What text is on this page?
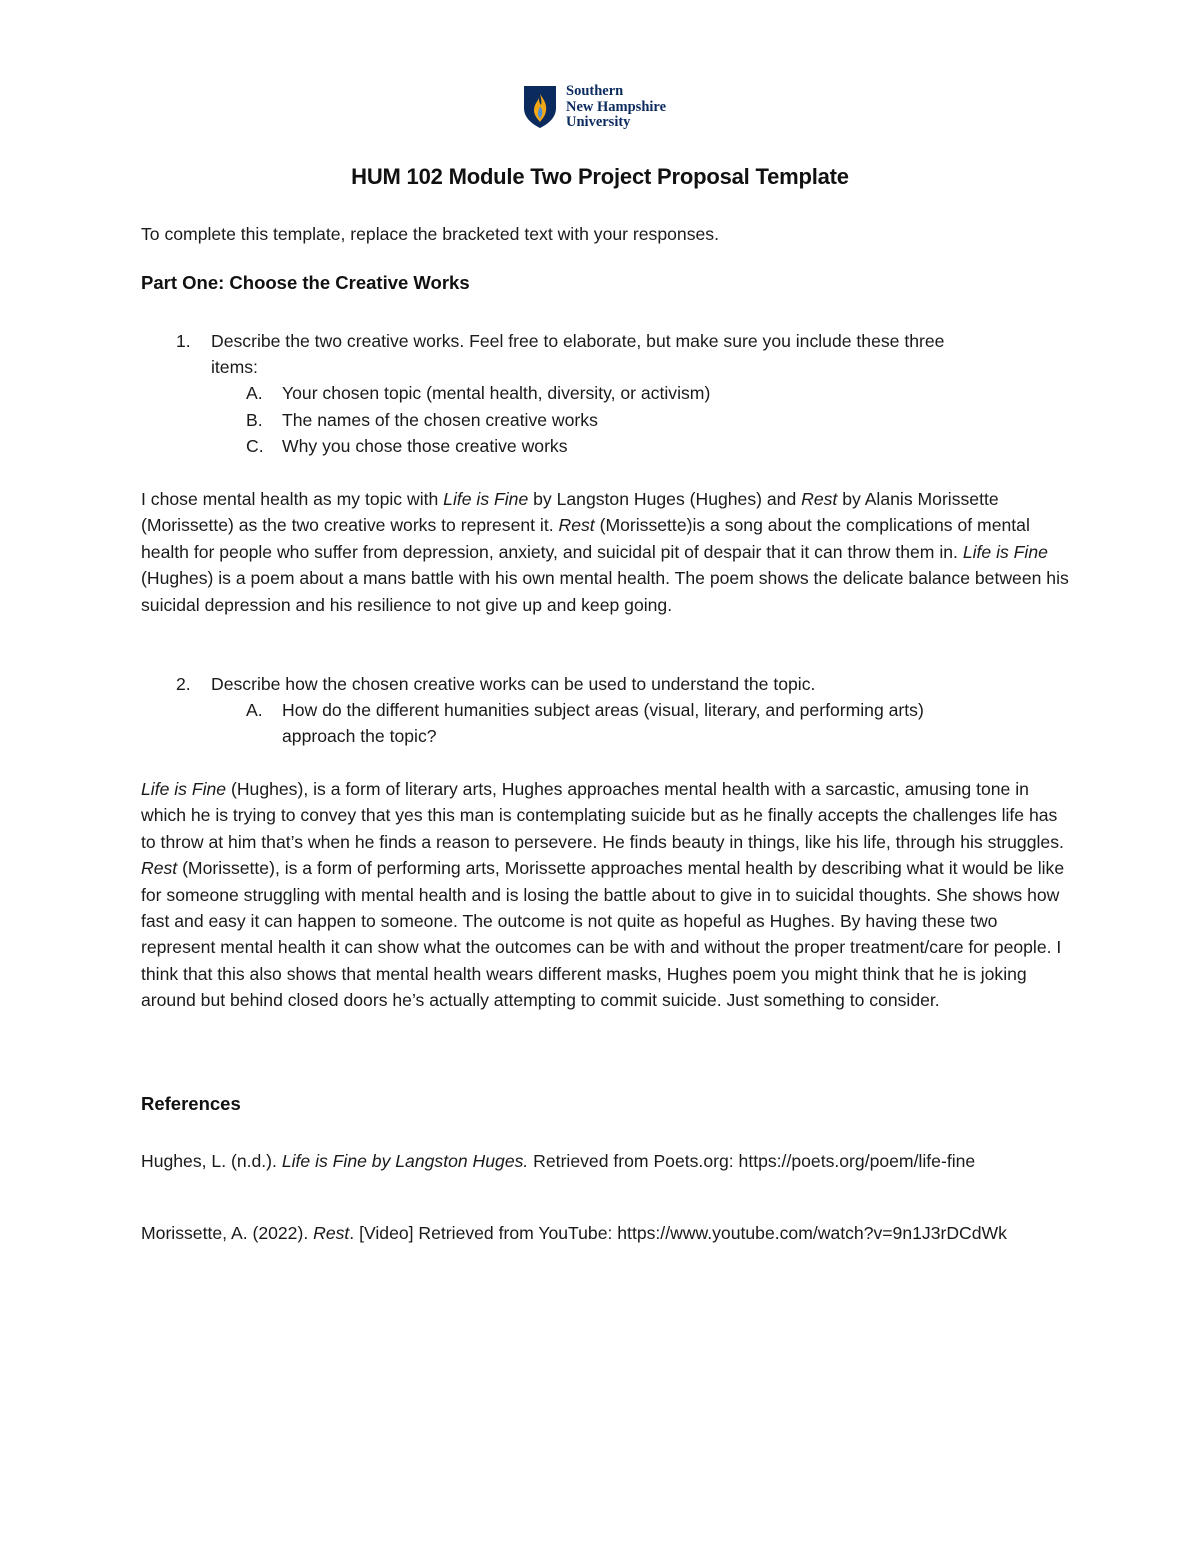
Southern
New Hampshire
University
HUM 102 Module Two Project Proposal Template
To complete this template, replace the bracketed text with your responses.
Part One: Choose the Creative Works
1. Describe the two creative works. Feel free to elaborate, but make sure you include these three
items:
A. Your chosen topic (mental health, diversity, or activism)
B. The names of the chosen creative works
C. Why you chose those creative works
I chose mental health as my topic with Life is Fine by Langston Huges (Hughes) and Rest by Alanis Morissette (Morissette) as the two creative works to represent it. Rest (Morissette)is a song about the complications of mental health for people who suffer from depression, anxiety, and suicidal pit of despair that it can throw them in. Life is Fine (Hughes) is a poem about a mans battle with his own mental health. The poem shows the delicate balance between his suicidal depression and his resilience to not give up and keep going.
2. Describe how the chosen creative works can be used to understand the topic.
A. How do the different humanities subject areas (visual, literary, and performing arts)
approach the topic?
Life is Fine (Hughes), is a form of literary arts, Hughes approaches mental health with a sarcastic, amusing tone in which he is trying to convey that yes this man is contemplating suicide but as he finally accepts the challenges life has to throw at him that’s when he finds a reason to persevere. He finds beauty in things, like his life, through his struggles. Rest (Morissette), is a form of performing arts, Morissette approaches mental health by describing what it would be like for someone struggling with mental health and is losing the battle about to give in to suicidal thoughts. She shows how fast and easy it can happen to someone. The outcome is not quite as hopeful as Hughes. By having these two represent mental health it can show what the outcomes can be with and without the proper treatment/care for people. I think that this also shows that mental health wears different masks, Hughes poem you might think that he is joking around but behind closed doors he’s actually attempting to commit suicide. Just something to consider.
References
Hughes, L. (n.d.). Life is Fine by Langston Huges. Retrieved from Poets.org: https://poets.org/poem/life-fine
Morissette, A. (2022). Rest. [Video] Retrieved from YouTube: https://www.youtube.com/watch?v=9n1J3rDCdWk
